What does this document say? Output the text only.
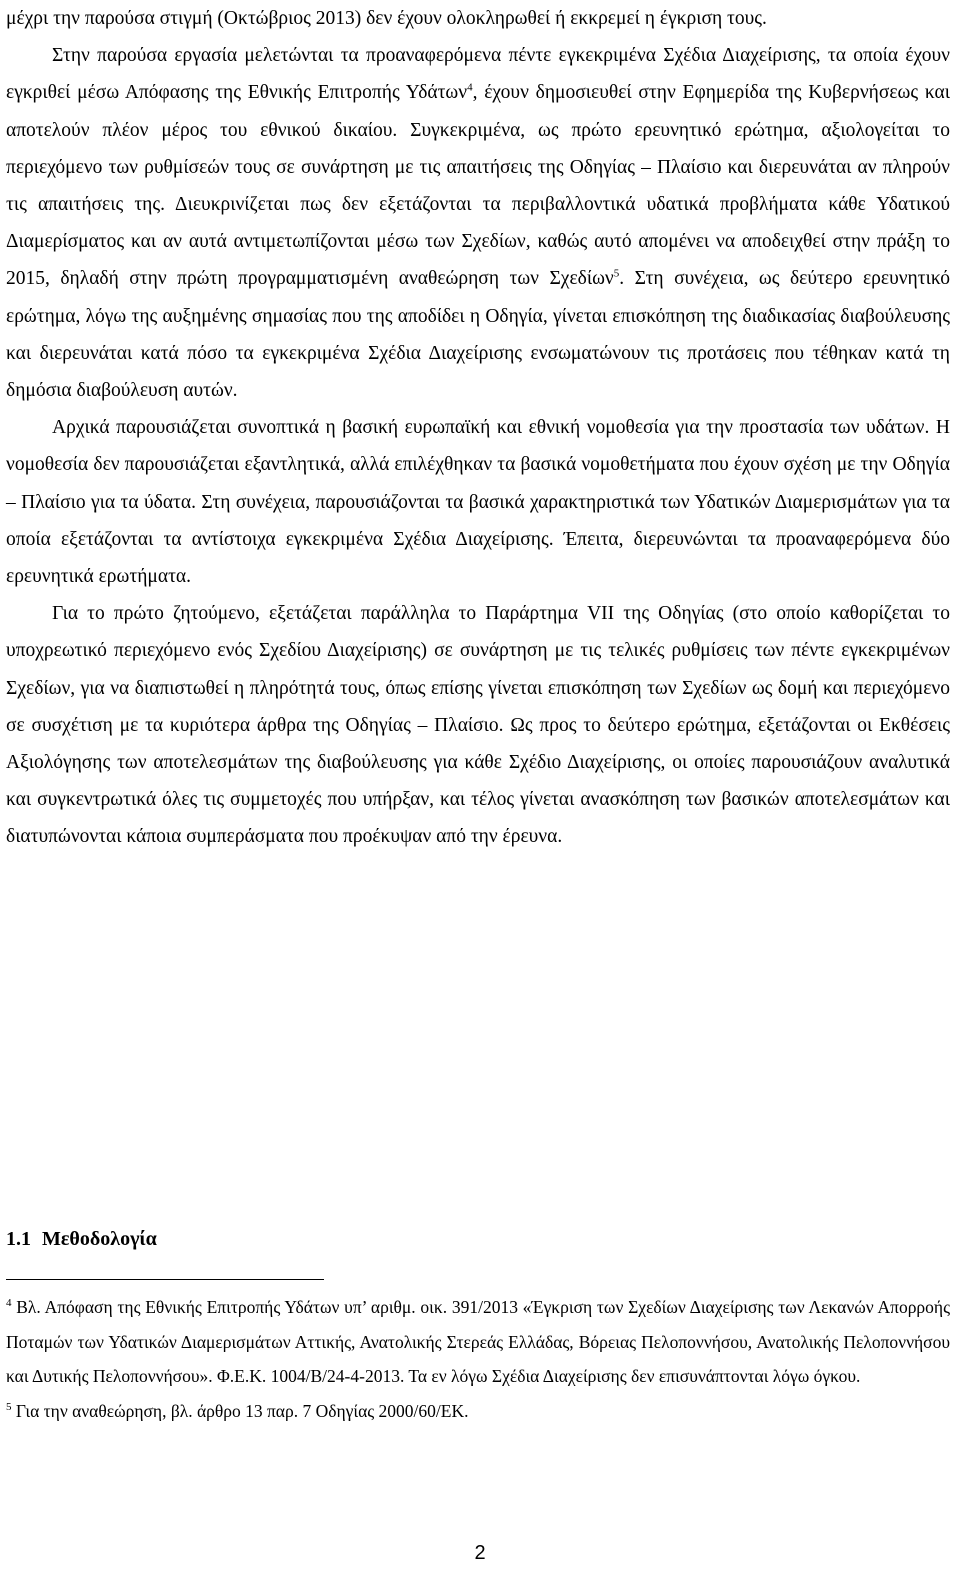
μέχρι την παρούσα στιγμή (Οκτώβριος 2013) δεν έχουν ολοκληρωθεί ή εκκρεμεί η έγκριση τους.

Στην παρούσα εργασία μελετώνται τα προαναφερόμενα πέντε εγκεκριμένα Σχέδια Διαχείρισης, τα οποία έχουν εγκριθεί μέσω Απόφασης της Εθνικής Επιτροπής Υδάτων$^4$, έχουν δημοσιευθεί στην Εφημερίδα της Κυβερνήσεως και αποτελούν πλέον μέρος του εθνικού δικαίου. Συγκεκριμένα, ως πρώτο ερευνητικό ερώτημα, αξιολογείται το περιεχόμενο των ρυθμίσεών τους σε συνάρτηση με τις απαιτήσεις της Οδηγίας – Πλαίσιο και διερευνάται αν πληρούν τις απαιτήσεις της. Διευκρινίζεται πως δεν εξετάζονται τα περιβαλλοντικά υδατικά προβλήματα κάθε Υδατικού Διαμερίσματος και αν αυτά αντιμετωπίζονται μέσω των Σχεδίων, καθώς αυτό απομένει να αποδειχθεί στην πράξη το 2015, δηλαδή στην πρώτη προγραμματισμένη αναθεώρηση των Σχεδίων$^5$. Στη συνέχεια, ως δεύτερο ερευνητικό ερώτημα, λόγω της αυξημένης σημασίας που της αποδίδει η Οδηγία, γίνεται επισκόπηση της διαδικασίας διαβούλευσης και διερευνάται κατά πόσο τα εγκεκριμένα Σχέδια Διαχείρισης ενσωματώνουν τις προτάσεις που τέθηκαν κατά τη δημόσια διαβούλευση αυτών.

Αρχικά παρουσιάζεται συνοπτικά η βασική ευρωπαϊκή και εθνική νομοθεσία για την προστασία των υδάτων. Η νομοθεσία δεν παρουσιάζεται εξαντλητικά, αλλά επιλέχθηκαν τα βασικά νομοθετήματα που έχουν σχέση με την Οδηγία – Πλαίσιο για τα ύδατα. Στη συνέχεια, παρουσιάζονται τα βασικά χαρακτηριστικά των Υδατικών Διαμερισμάτων για τα οποία εξετάζονται τα αντίστοιχα εγκεκριμένα Σχέδια Διαχείρισης. Έπειτα, διερευνώνται τα προαναφερόμενα δύο ερευνητικά ερωτήματα.

Για το πρώτο ζητούμενο, εξετάζεται παράλληλα το Παράρτημα VII της Οδηγίας (στο οποίο καθορίζεται το υποχρεωτικό περιεχόμενο ενός Σχεδίου Διαχείρισης) σε συνάρτηση με τις τελικές ρυθμίσεις των πέντε εγκεκριμένων Σχεδίων, για να διαπιστωθεί η πληρότητά τους, όπως επίσης γίνεται επισκόπηση των Σχεδίων ως δομή και περιεχόμενο σε συσχέτιση με τα κυριότερα άρθρα της Οδηγίας – Πλαίσιο. Ως προς το δεύτερο ερώτημα, εξετάζονται οι Εκθέσεις Αξιολόγησης των αποτελεσμάτων της διαβούλευσης για κάθε Σχέδιο Διαχείρισης, οι οποίες παρουσιάζουν αναλυτικά και συγκεντρωτικά όλες τις συμμετοχές που υπήρξαν, και τέλος γίνεται ανασκόπηση των βασικών αποτελεσμάτων και διατυπώνονται κάποια συμπεράσματα που προέκυψαν από την έρευνα.

1.1 Μεθοδολογία

$^4$ Βλ. Απόφαση της Εθνικής Επιτροπής Υδάτων υπ’ αριθμ. οικ. 391/2013 «Έγκριση των Σχεδίων Διαχείρισης των Λεκανών Απορροής Ποταμών των Υδατικών Διαμερισμάτων Αττικής, Ανατολικής Στερεάς Ελλάδας, Βόρειας Πελοποννήσου, Ανατολικής Πελοποννήσου και Δυτικής Πελοποννήσου». Φ.Ε.Κ. 1004/Β/24-4-2013. Τα εν λόγω Σχέδια Διαχείρισης δεν επισυνάπτονται λόγω όγκου.

$^5$ Για την αναθεώρηση, βλ. άρθρο 13 παρ. 7 Οδηγίας 2000/60/ΕΚ.

2
